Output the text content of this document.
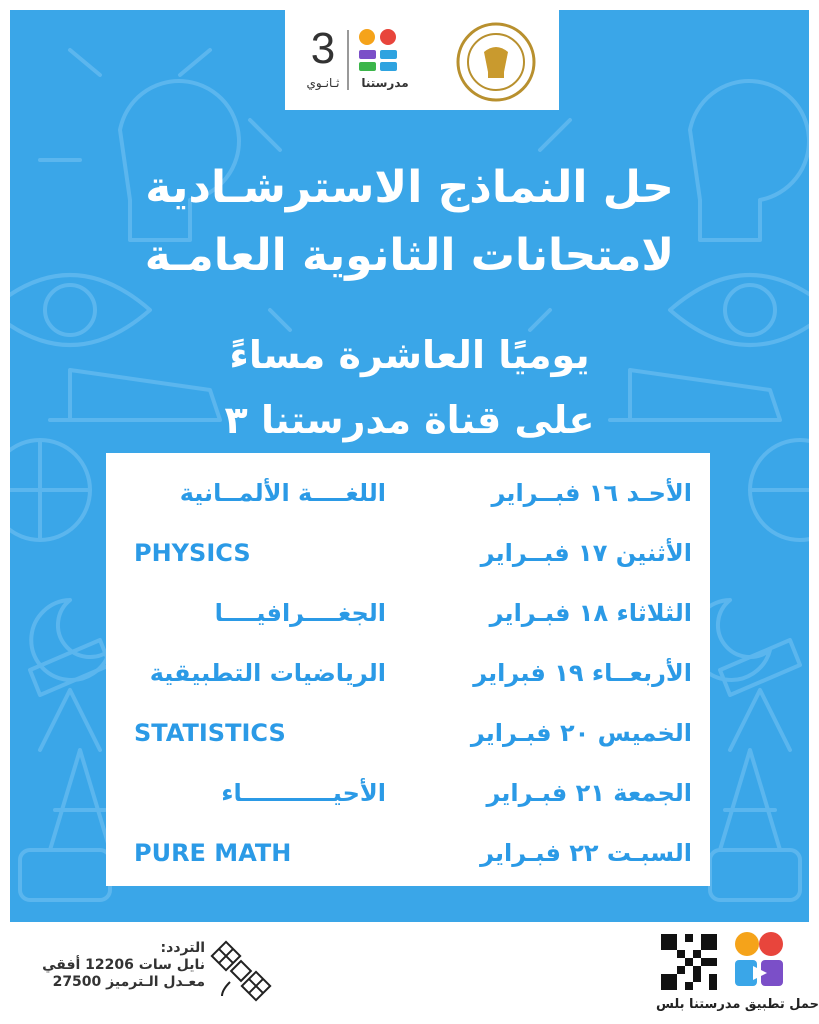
مدرستنا
3
ثـانـوي
حل النماذج الاسترشـادية
لامتحانات الثانوية العامـة
يوميًا العاشرة مساءً
على قناة مدرستنا ٣
الأحـد ١٦ فبــراير
اللغــــة الألمــانية
الأثنين ١٧ فبــراير
PHYSICS
الثلاثاء ١٨ فبـراير
الجغــــرافيــــا
الأربعــاء ١٩ فبراير
الرياضيات التطبيقية
الخميس ٢٠ فبـراير
STATISTICS
الجمعة ٢١ فبـراير
الأحيـــــــــــاء
السبـت ٢٢ فبـراير
PURE MATH
التردد:
نايل سات 12206 أفقي
معـدل الـترميز 27500
حمل تطبيق مدرستنا بلس
